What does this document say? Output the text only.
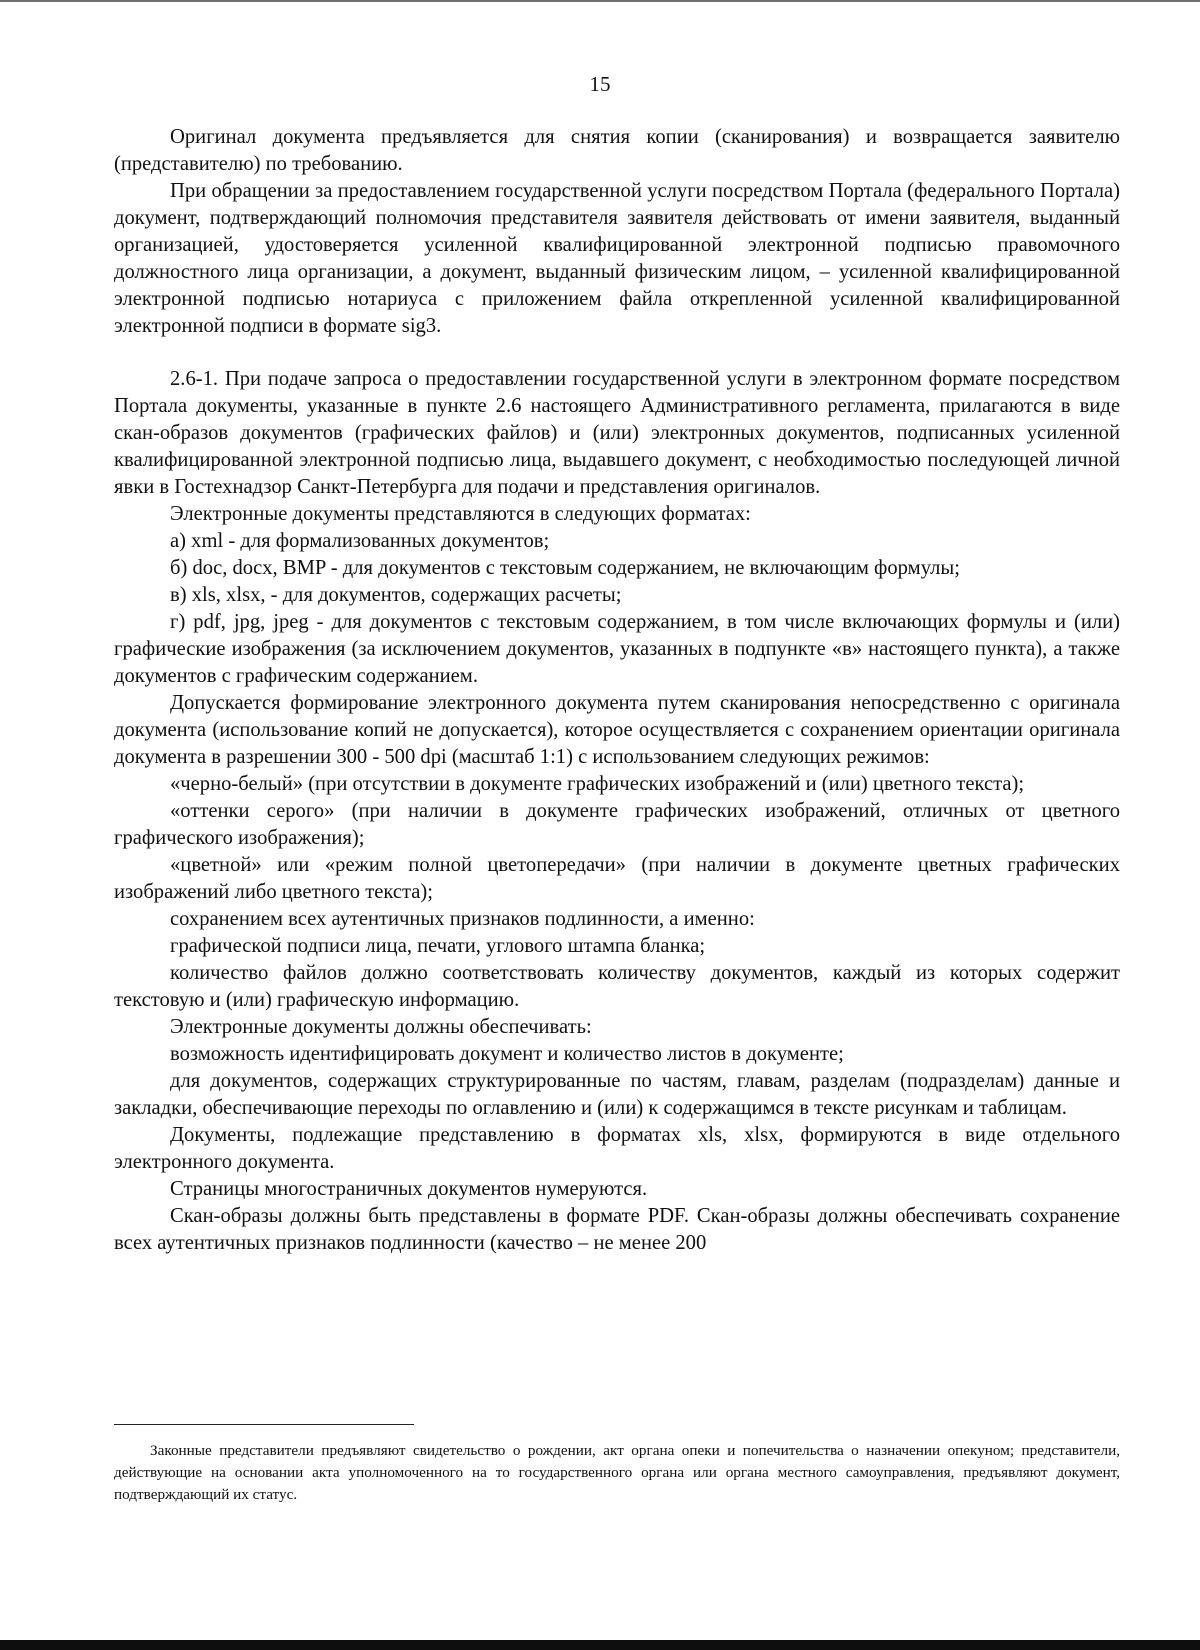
15

Оригинал документа предъявляется для снятия копии (сканирования) и возвращается заявителю (представителю) по требованию.

При обращении за предоставлением государственной услуги посредством Портала (федерального Портала) документ, подтверждающий полномочия представителя заявителя действовать от имени заявителя, выданный организацией, удостоверяется усиленной квалифицированной электронной подписью правомочного должностного лица организации, а документ, выданный физическим лицом, – усиленной квалифицированной электронной подписью нотариуса с приложением файла открепленной усиленной квалифицированной электронной подписи в формате sig3.

2.6-1. При подаче запроса о предоставлении государственной услуги в электронном формате посредством Портала документы, указанные в пункте 2.6 настоящего Административного регламента, прилагаются в виде скан-образов документов (графических файлов) и (или) электронных документов, подписанных усиленной квалифицированной электронной подписью лица, выдавшего документ, с необходимостью последующей личной явки в Гостехнадзор Санкт-Петербурга для подачи и представления оригиналов.

Электронные документы представляются в следующих форматах:

а) xml - для формализованных документов;

б) doc, docx, BMP - для документов с текстовым содержанием, не включающим формулы;

в) xls, xlsx, - для документов, содержащих расчеты;

г) pdf, jpg, jpeg - для документов с текстовым содержанием, в том числе включающих формулы и (или) графические изображения (за исключением документов, указанных в подпункте «в» настоящего пункта), а также документов с графическим содержанием.

Допускается формирование электронного документа путем сканирования непосредственно с оригинала документа (использование копий не допускается), которое осуществляется с сохранением ориентации оригинала документа в разрешении 300 - 500 dpi (масштаб 1:1) с использованием следующих режимов:

«черно-белый» (при отсутствии в документе графических изображений и (или) цветного текста);

«оттенки серого» (при наличии в документе графических изображений, отличных от цветного графического изображения);

«цветной» или «режим полной цветопередачи» (при наличии в документе цветных графических изображений либо цветного текста);

сохранением всех аутентичных признаков подлинности, а именно:

графической подписи лица, печати, углового штампа бланка;

количество файлов должно соответствовать количеству документов, каждый из которых содержит текстовую и (или) графическую информацию.

Электронные документы должны обеспечивать:

возможность идентифицировать документ и количество листов в документе;

для документов, содержащих структурированные по частям, главам, разделам (подразделам) данные и закладки, обеспечивающие переходы по оглавлению и (или) к содержащимся в тексте рисункам и таблицам.

Документы, подлежащие представлению в форматах xls, xlsx, формируются в виде отдельного электронного документа.

Страницы многостраничных документов нумеруются.

Скан-образы должны быть представлены в формате PDF. Скан-образы должны обеспечивать сохранение всех аутентичных признаков подлинности (качество – не менее 200

Законные представители предъявляют свидетельство о рождении, акт органа опеки и попечительства о назначении опекуном; представители, действующие на основании акта уполномоченного на то государственного органа или органа местного самоуправления, предъявляют документ, подтверждающий их статус.
